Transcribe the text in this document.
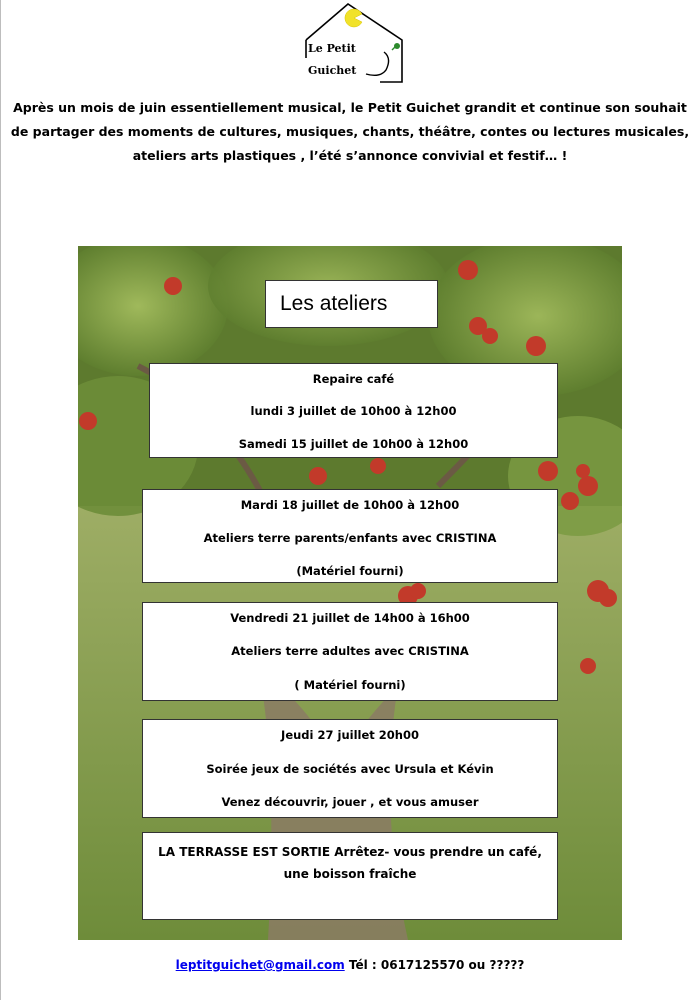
Le Petit
Guichet
Après un mois de juin essentiellement musical, le Petit Guichet grandit et continue son souhait de partager des moments de cultures, musiques, chants, théâtre, contes ou lectures musicales, ateliers arts plastiques , l’été s’annonce convivial et festif… !
Les ateliers
Repaire café
lundi 3 juillet de 10h00 à 12h00
Samedi 15 juillet de 10h00 à 12h00
Mardi 18 juillet de 10h00 à 12h00
Ateliers terre parents/enfants avec CRISTINA
(Matériel fourni)
Vendredi 21 juillet de 14h00 à 16h00
Ateliers terre adultes avec CRISTINA
( Matériel fourni)
Jeudi 27 juillet 20h00
Soirée jeux de sociétés avec Ursula et Kévin
Venez découvrir, jouer , et vous amuser
LA TERRASSE EST SORTIE Arrêtez- vous prendre un café,
une boisson fraîche
leptitguichet@gmail.com Tél : 0617125570 ou ?????
